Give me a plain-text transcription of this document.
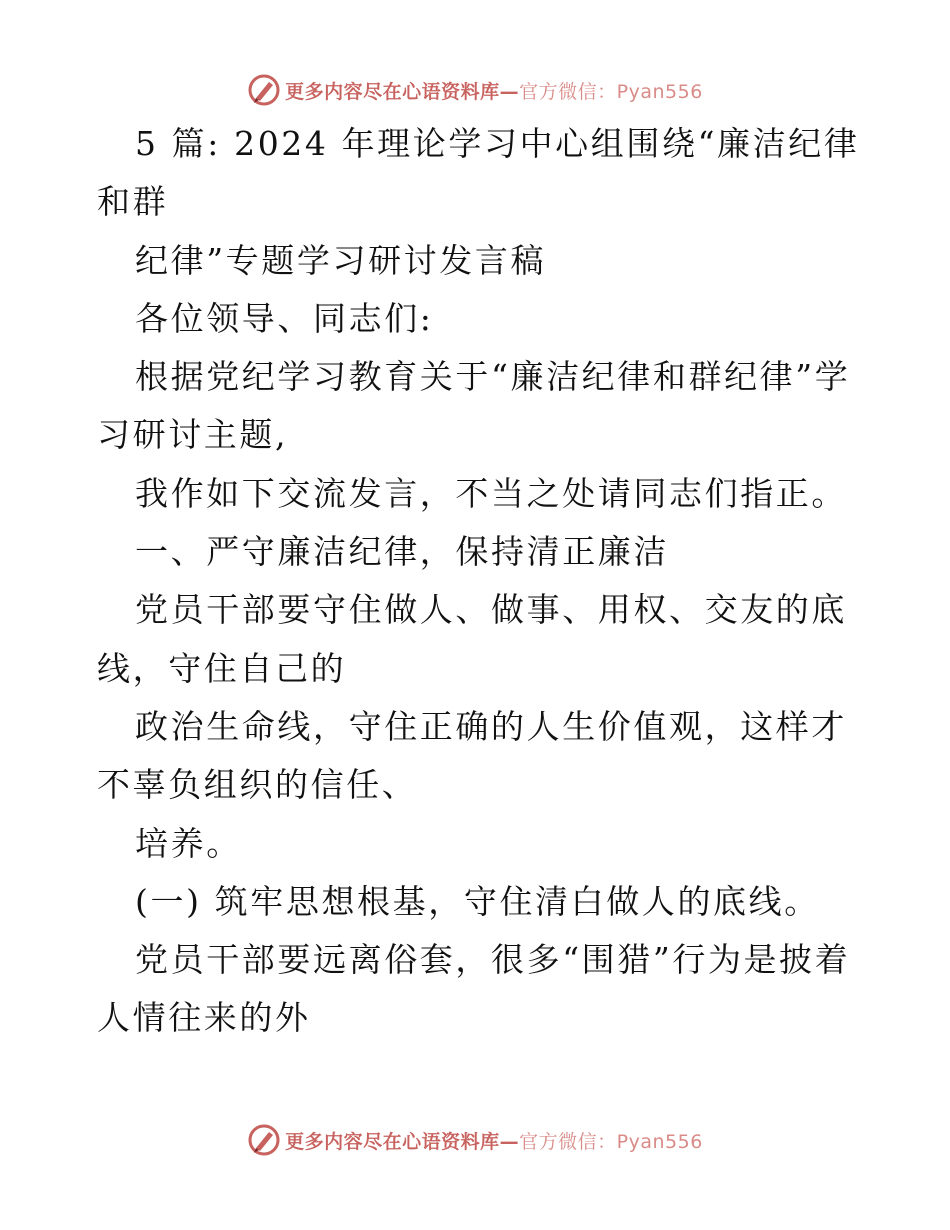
更多内容尽在心语资料库—官方微信：Pyan556

5 篇: 2024 年理论学习中心组围绕“廉洁纪律和群

纪律”专题学习研讨发言稿

各位领导、同志们:

根据党纪学习教育关于“廉洁纪律和群纪律”学习研讨主题,

我作如下交流发言，不当之处请同志们指正。

一、严守廉洁纪律，保持清正廉洁

党员干部要守住做人、做事、用权、交友的底线，守住自己的

政治生命线，守住正确的人生价值观，这样才不辜负组织的信任、

培养。

(一) 筑牢思想根基，守住清白做人的底线。

党员干部要远离俗套，很多“围猎”行为是披着人情往来的外

更多内容尽在心语资料库—官方微信：Pyan556
